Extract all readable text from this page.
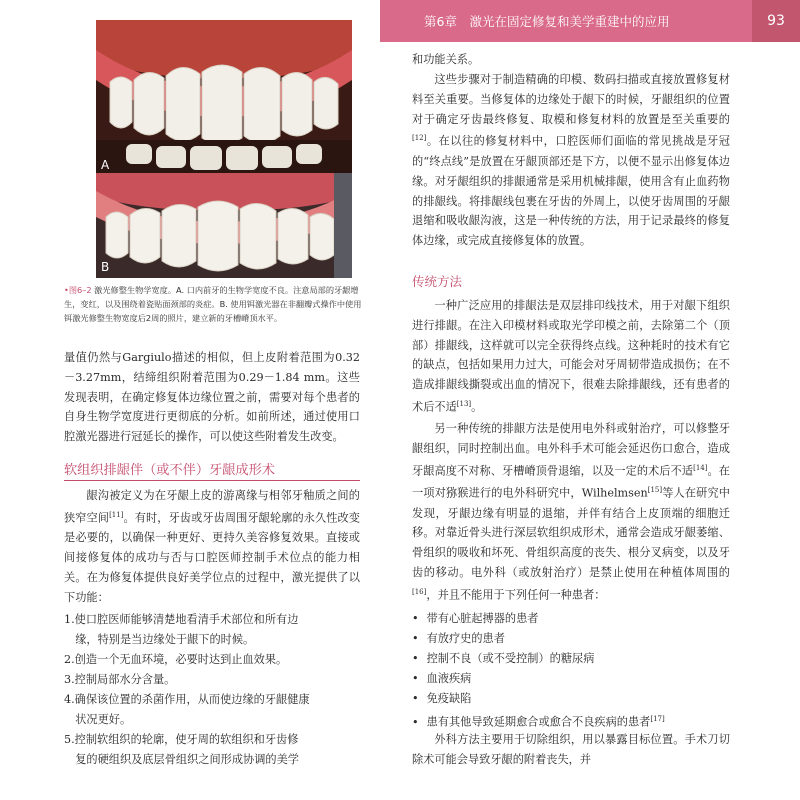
第6章　激光在固定修复和美学重建中的应用	93
A
B
•图6–2 激光修整生物学宽度。A. 口内前牙的生物学宽度不良。注意局部的牙龈增生，变红，以及围绕着瓷贴面颈部的炎症。B. 使用铒激光器在非翻瓣式操作中使用铒激光修整生物宽度后2周的照片，建立新的牙槽嵴顶水平。

量值仍然与Gargiulo描述的相似，但上皮附着范围为0.32－3.27mm，结缔组织附着范围为0.29－1.84 mm。这些发现表明，在确定修复体边缘位置之前，需要对每个患者的自身生物学宽度进行更彻底的分析。如前所述，通过使用口腔激光器进行冠延长的操作，可以使这些附着发生改变。

软组织排龈伴（或不伴）牙龈成形术

龈沟被定义为在牙龈上皮的游离缘与相邻牙釉质之间的狭窄空间[11]。有时，牙齿或牙齿周围牙龈轮廓的永久性改变是必要的，以确保一种更好、更持久美容修复效果。直接或间接修复体的成功与否与口腔医师控制手术位点的能力相关。在为修复体提供良好美学位点的过程中，激光提供了以下功能：

1.使口腔医师能够清楚地看清手术部位和所有边
　缘，特别是当边缘处于龈下的时候。
2.创造一个无血环境，必要时达到止血效果。
3.控制局部水分含量。
4.确保该位置的杀菌作用，从而使边缘的牙龈健康
　状况更好。
5.控制软组织的轮廓，使牙周的软组织和牙齿修
　复的硬组织及底层骨组织之间形成协调的美学

和功能关系。

这些步骤对于制造精确的印模、数码扫描或直接放置修复材料至关重要。当修复体的边缘处于龈下的时候，牙龈组织的位置对于确定牙齿最终修复、取模和修复材料的放置是至关重要的[12]。在以往的修复材料中，口腔医师们面临的常见挑战是牙冠的“终点线”是放置在牙龈顶部还是下方，以便不显示出修复体边缘。对牙龈组织的排龈通常是采用机械排龈，使用含有止血药物的排龈线。将排龈线包裹在牙齿的外周上，以使牙齿周围的牙龈退缩和吸收龈沟液，这是一种传统的方法，用于记录最终的修复体边缘，或完成直接修复体的放置。

传统方法

一种广泛应用的排龈法是双层排印线技术，用于对龈下组织进行排龈。在注入印模材料或取光学印模之前，去除第二个（顶部）排龈线，这样就可以完全获得终点线。这种耗时的技术有它的缺点，包括如果用力过大，可能会对牙周韧带造成损伤；在不造成排龈线撕裂或出血的情况下，很难去除排龈线，还有患者的术后不适[13]。

另一种传统的排龈方法是使用电外科或射治疗，可以修整牙龈组织，同时控制出血。电外科手术可能会延迟伤口愈合，造成牙龈高度不对称、牙槽嵴顶骨退缩，以及一定的术后不适[14]。在一项对猕猴进行的电外科研究中，Wilhelmsen[15]等人在研究中发现，牙龈边缘有明显的退缩，并伴有结合上皮顶端的细胞迁移。对靠近骨头进行深层软组织成形术，通常会造成牙龈萎缩、骨组织的吸收和坏死、骨组织高度的丧失、根分叉病变，以及牙齿的移动。电外科（或放射治疗）是禁止使用在种植体周围的[16]，并且不能用于下列任何一种患者：

• 带有心脏起搏器的患者
• 有放疗史的患者
• 控制不良（或不受控制）的糖尿病
• 血液疾病
• 免疫缺陷
• 患有其他导致延期愈合或愈合不良疾病的患者[17]

外科方法主要用于切除组织，用以暴露目标位置。手术刀切除术可能会导致牙龈的附着丧失，并
